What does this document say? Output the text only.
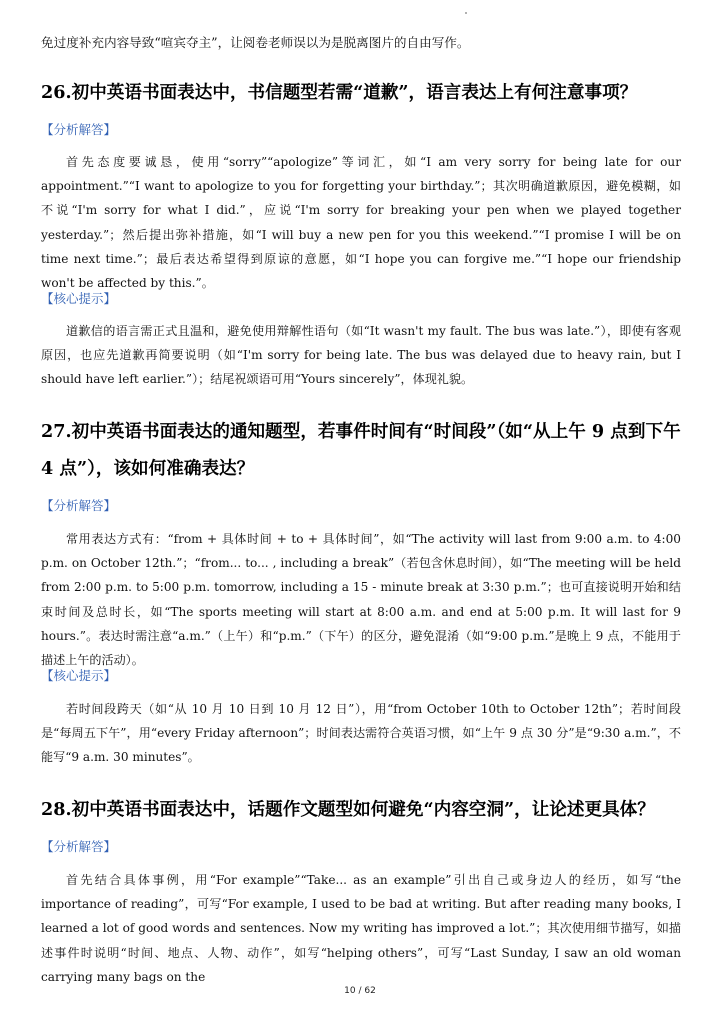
免过度补充内容导致“喧宾夺主”，让阅卷老师误以为是脱离图片的自由写作。

26.初中英语书面表达中，书信题型若需“道歉”，语言表达上有何注意事项？

【分析解答】

首先态度要诚恳，使用“sorry”“apologize”等词汇，如“I am very sorry for being late for our appointment.”“I want to apologize to you for forgetting your birthday.”；其次明确道歉原因，避免模糊，如不说“I'm sorry for what I did.”，应说“I'm sorry for breaking your pen when we played together yesterday.”；然后提出弥补措施，如“I will buy a new pen for you this weekend.”“I promise I will be on time next time.”；最后表达希望得到原谅的意愿，如“I hope you can forgive me.”“I hope our friendship won't be affected by this.”。

【核心提示】

道歉信的语言需正式且温和，避免使用辩解性语句（如“It wasn't my fault. The bus was late.”），即使有客观原因，也应先道歉再简要说明（如“I'm sorry for being late. The bus was delayed due to heavy rain, but I should have left earlier.”）；结尾祝颂语可用“Yours sincerely”，体现礼貌。

27.初中英语书面表达的通知题型，若事件时间有“时间段”（如“从上午 9 点到下午 4 点”），该如何准确表达？

【分析解答】

常用表达方式有：“from + 具体时间 + to + 具体时间”，如“The activity will last from 9:00 a.m. to 4:00 p.m. on October 12th.”；“from... to... , including a break”（若包含休息时间），如“The meeting will be held from 2:00 p.m. to 5:00 p.m. tomorrow, including a 15 - minute break at 3:30 p.m.”；也可直接说明开始和结束时间及总时长，如“The sports meeting will start at 8:00 a.m. and end at 5:00 p.m. It will last for 9 hours.”。表达时需注意“a.m.”（上午）和“p.m.”（下午）的区分，避免混淆（如“9:00 p.m.”是晚上 9 点，不能用于描述上午的活动）。

【核心提示】

若时间段跨天（如“从 10 月 10 日到 10 月 12 日”），用“from October 10th to October 12th”；若时间段是“每周五下午”，用“every Friday afternoon”；时间表达需符合英语习惯，如“上午 9 点 30 分”是“9:30 a.m.”，不能写“9 a.m. 30 minutes”。

28.初中英语书面表达中，话题作文题型如何避免“内容空洞”，让论述更具体？

【分析解答】

首先结合具体事例，用“For example”“Take... as an example”引出自己或身边人的经历，如写“the importance of reading”，可写“For example, I used to be bad at writing. But after reading many books, I learned a lot of good words and sentences. Now my writing has improved a lot.”；其次使用细节描写，如描述事件时说明“时间、地点、人物、动作”，如写“helping others”，可写“Last Sunday, I saw an old woman carrying many bags on the

10 / 62
